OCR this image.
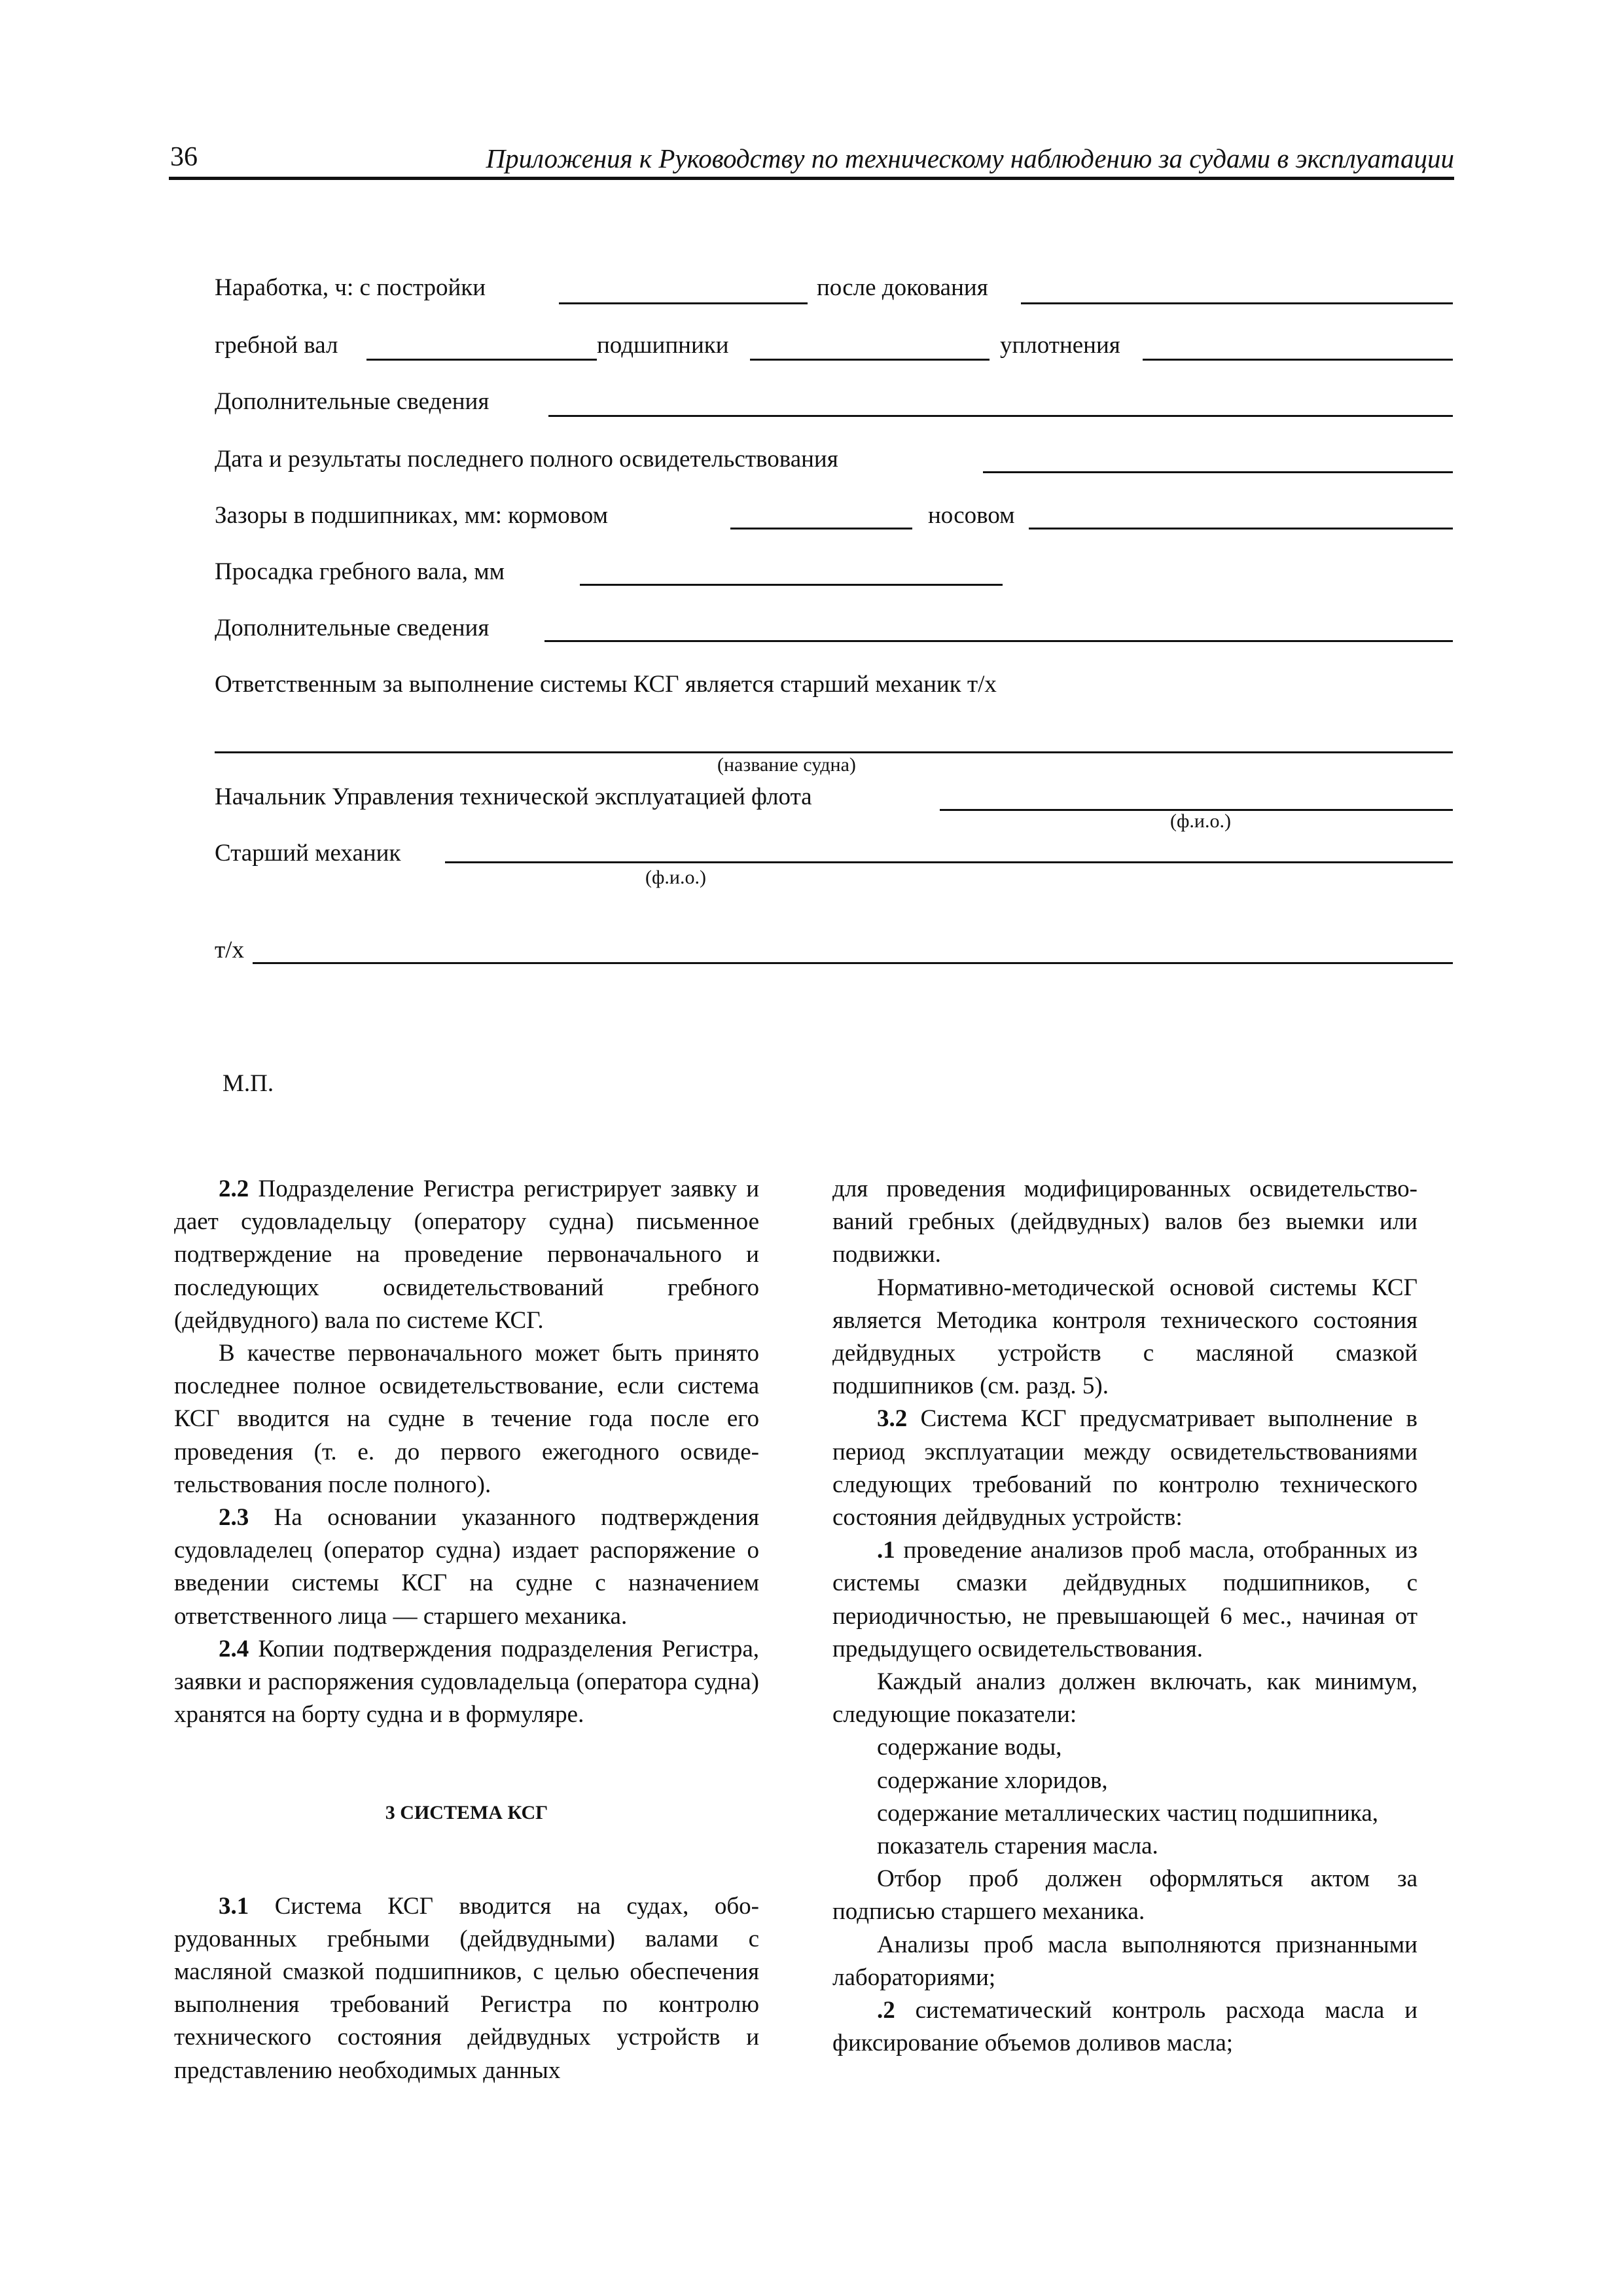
36	Приложения к Руководству по техническому наблюдению за судами в эксплуатации
Наработка, ч: с постройки	после докования
гребной вал	подшипники	уплотнения
Дополнительные сведения
Дата и результаты последнего полного освидетельствования
Зазоры в подшипниках, мм: кормовом	носовом
Просадка гребного вала, мм
Дополнительные сведения
Ответственным за выполнение системы КСГ является старший механик т/х
(название судна)
Начальник Управления технической эксплуатацией флота
(ф.и.о.)
Старший механик
(ф.и.о.)
т/х
М.П.

2.2 Подразделение Регистра регистрирует заявку и дает судовладельцу (оператору судна) письменное подтверждение на проведение первоначального и последующих освидетельствований гребного (дейдвудного) вала по системе КСГ.

В качестве первоначального может быть принято последнее полное освидетельствование, если система КСГ вводится на судне в течение года после его проведения (т. е. до первого ежегодного освиде-тельствования после полного).

2.3 На основании указанного подтверждения судовладелец (оператор судна) издает распоряжение о введении системы КСГ на судне с назначением ответственного лица — старшего механика.

2.4 Копии подтверждения подразделения Регистра, заявки и распоряжения судовладельца (оператора судна) хранятся на борту судна и в формуляре.

3 СИСТЕМА КСГ

3.1 Система КСГ вводится на судах, обо-рудованных гребными (дейдвудными) валами с масляной смазкой подшипников, с целью обеспечения выполнения требований Регистра по контролю технического состояния дейдвудных устройств и представлению необходимых данных

для проведения модифицированных освидетельство-ваний гребных (дейдвудных) валов без выемки или подвижки.

Нормативно-методической основой системы КСГ является Методика контроля технического состояния дейдвудных устройств с масляной смазкой подшипников (см. разд. 5).

3.2 Система КСГ предусматривает выполнение в период эксплуатации между освидетельствованиями следующих требований по контролю технического состояния дейдвудных устройств:

.1 проведение анализов проб масла, отобранных из системы смазки дейдвудных подшипников, с периодичностью, не превышающей 6 мес., начиная от предыдущего освидетельствования.

Каждый анализ должен включать, как минимум, следующие показатели:

содержание воды,

содержание хлоридов,

содержание металлических частиц подшипника,

показатель старения масла.

Отбор проб должен оформляться актом за подписью старшего механика.

Анализы проб масла выполняются признанными лабораториями;

.2 систематический контроль расхода масла и фиксирование объемов доливов масла;
